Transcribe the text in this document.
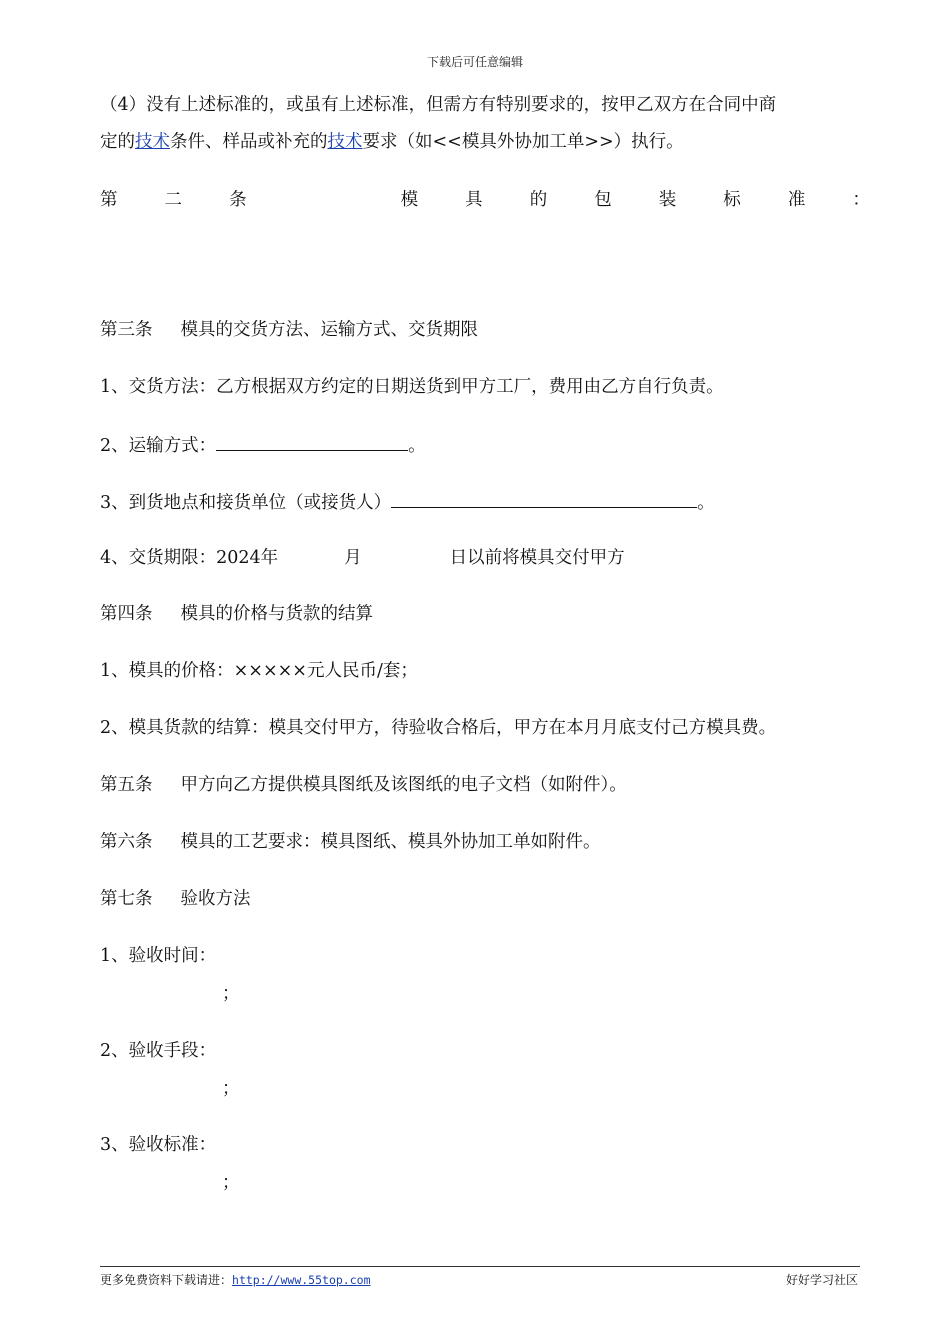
下载后可任意编辑
（4）没有上述标准的，或虽有上述标准，但需方有特别要求的，按甲乙双方在合同中商
定的技术条件、样品或补充的技术要求（如<<模具外协加工单>>）执行。
第	二	条	模	具	的	包	装	标	准	：
第三条 模具的交货方法、运输方式、交货期限
1、交货方法：乙方根据双方约定的日期送货到甲方工厂，费用由乙方自行负责。
2、运输方式：	。
3、到货地点和接货单位（或接货人）	。
4、交货期限：2024年	月	日以前将模具交付甲方
第四条 模具的价格与货款的结算
1、模具的价格：×××××元人民币/套；
2、模具货款的结算：模具交付甲方，待验收合格后，甲方在本月月底支付己方模具费。
第五条 甲方向乙方提供模具图纸及该图纸的电子文档（如附件）。
第六条 模具的工艺要求：模具图纸、模具外协加工单如附件。
第七条 验收方法
1、验收时间：
；
2、验收手段：
；
3、验收标准：
；
更多免费资料下载请进：http://www.55top.com	好好学习社区
